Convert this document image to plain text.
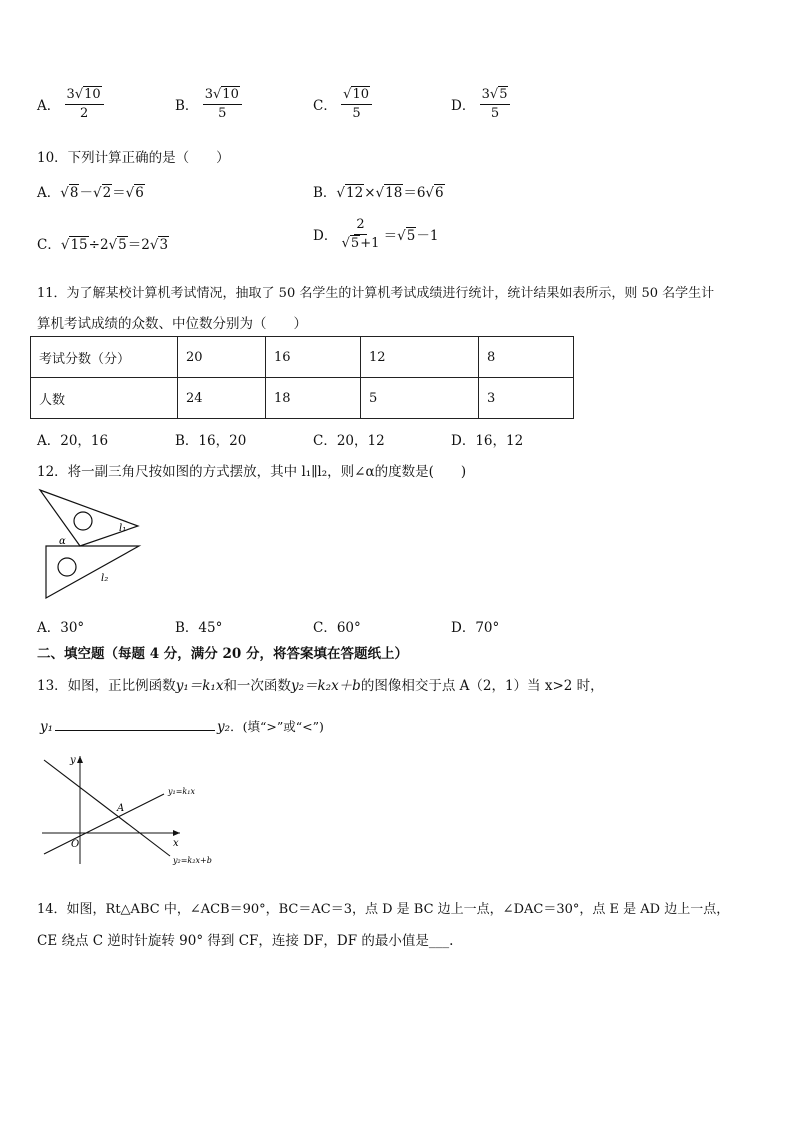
A． $\frac{3√10}{2}$	B． $\frac{3√10}{5}$	C． $\frac{√10}{5}$	D． $\frac{3√5}{5}$
10．下列计算正确的是（　　）
A．√8－√2＝√6	B．√12×√18＝6√6
C．√15÷2√5＝2√3
D． $\frac{2}{√5+1} =√5-1$
11．为了解某校计算机考试情况，抽取了 50 名学生的计算机考试成绩进行统计，统计结果如表所示，则 50 名学生计
算机考试成绩的众数、中位数分别为（　　）
考试分数（分）	20	16	12	8
人数	24	18	5	3
A．20，16	B．16，20	C．20，12	D．16，12
12．将一副三角尺按如图的方式摆放，其中 l₁∥l₂，则∠α的度数是(　　)
α
l₁
l₂
A．30°	B．45°	C．60°	D．70°
二、填空题（每题 4 分，满分 20 分，将答案填在答题纸上）
13．如图，正比例函数y₁＝k₁x和一次函数y₂＝k₂x＋b的图像相交于点 A（2，1）当 x>2 时，
y₁	y₂．(填“>”或“<”)
y
x
O
A
y₁=k₁x
y₂=k₂x+b
14．如图，Rt△ABC 中，∠ACB＝90°，BC＝AC＝3，点 D 是 BC 边上一点，∠DAC＝30°，点 E 是 AD 边上一点，
CE 绕点 C 逆时针旋转 90° 得到 CF，连接 DF，DF 的最小值是___.
